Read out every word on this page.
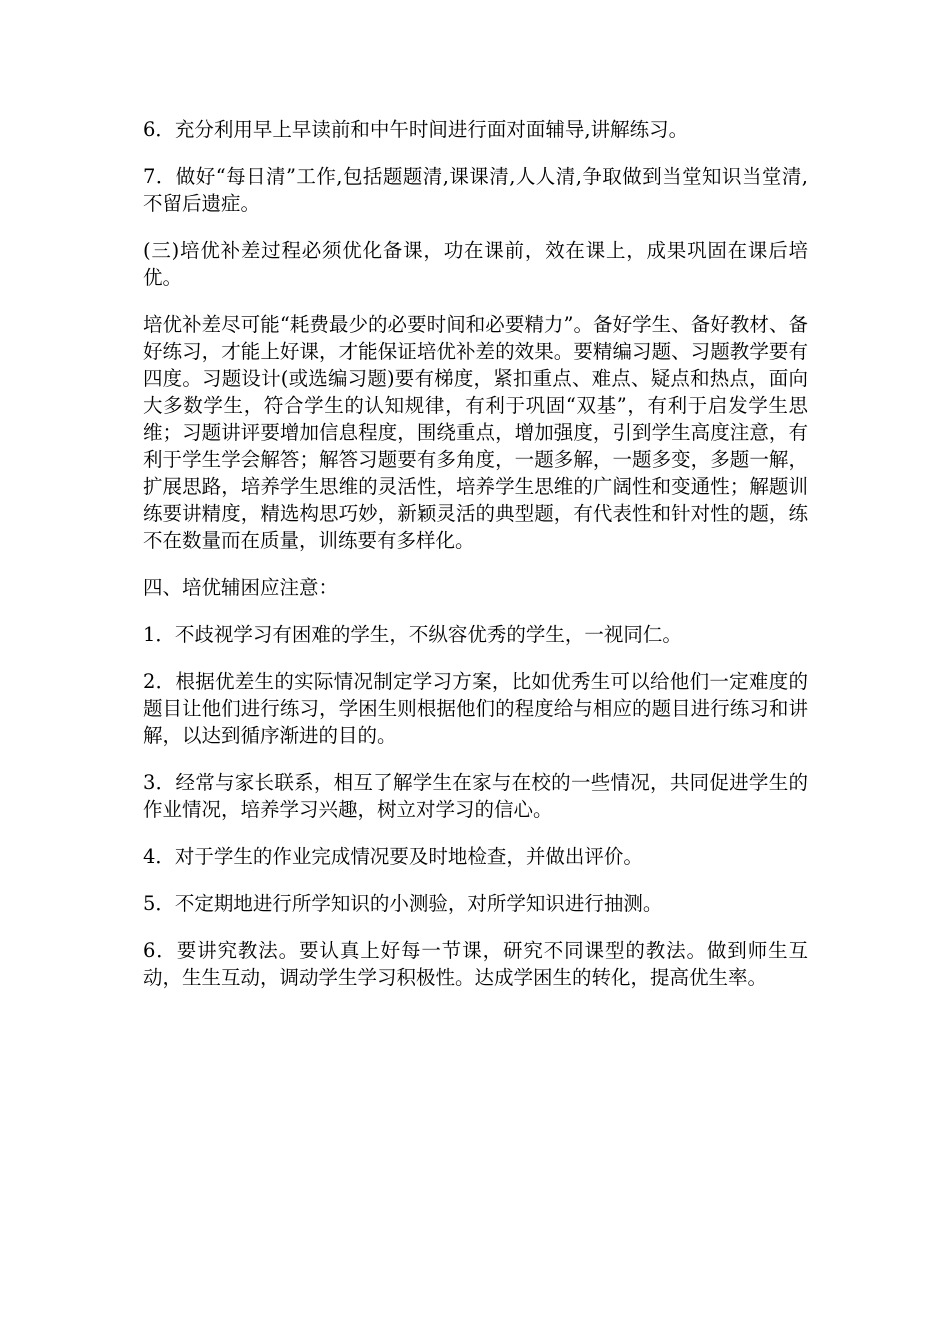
6．充分利用早上早读前和中午时间进行面对面辅导,讲解练习。

7．做好“每日清”工作,包括题题清,课课清,人人清,争取做到当堂知识当堂清,不留后遗症。

(三)培优补差过程必须优化备课，功在课前，效在课上，成果巩固在课后培优。

培优补差尽可能“耗费最少的必要时间和必要精力”。备好学生、备好教材、备好练习，才能上好课，才能保证培优补差的效果。要精编习题、习题教学要有四度。习题设计(或选编习题)要有梯度，紧扣重点、难点、疑点和热点，面向大多数学生，符合学生的认知规律，有利于巩固“双基”，有利于启发学生思维；习题讲评要增加信息程度，围绕重点，增加强度，引到学生高度注意，有利于学生学会解答；解答习题要有多角度，一题多解，一题多变，多题一解，扩展思路，培养学生思维的灵活性，培养学生思维的广阔性和变通性；解题训练要讲精度，精选构思巧妙，新颖灵活的典型题，有代表性和针对性的题，练不在数量而在质量，训练要有多样化。

四、培优辅困应注意：

1．不歧视学习有困难的学生，不纵容优秀的学生，一视同仁。

2．根据优差生的实际情况制定学习方案，比如优秀生可以给他们一定难度的题目让他们进行练习，学困生则根据他们的程度给与相应的题目进行练习和讲解，以达到循序渐进的目的。

3．经常与家长联系，相互了解学生在家与在校的一些情况，共同促进学生的作业情况，培养学习兴趣，树立对学习的信心。

4．对于学生的作业完成情况要及时地检查，并做出评价。

5．不定期地进行所学知识的小测验，对所学知识进行抽测。

6．要讲究教法。要认真上好每一节课，研究不同课型的教法。做到师生互动，生生互动，调动学生学习积极性。达成学困生的转化，提高优生率。
